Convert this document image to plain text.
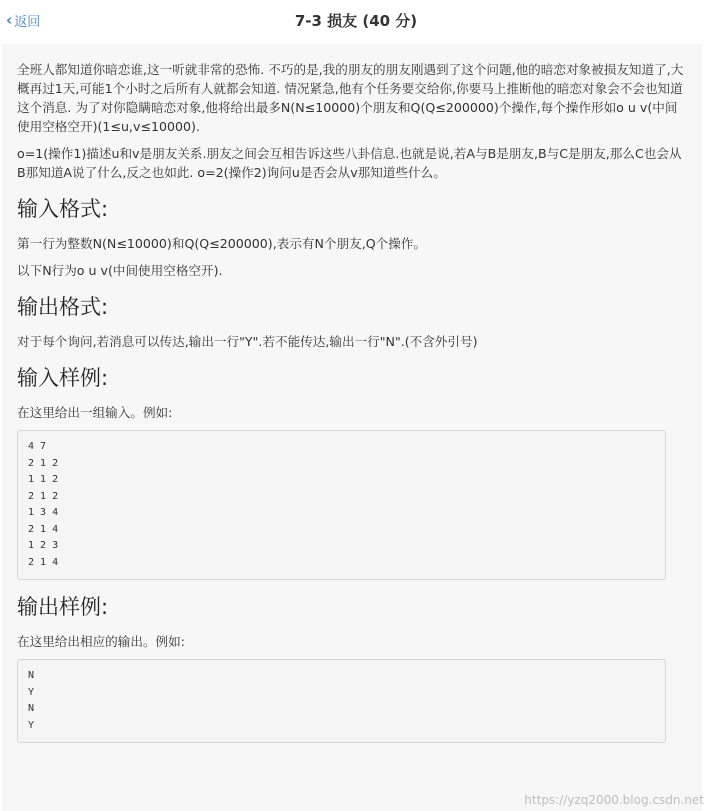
‹ 返回	7-3 损友 (40 分)

全班人都知道你暗恋谁,这一听就非常的恐怖. 不巧的是,我的朋友的朋友刚遇到了这个问题,他的暗恋对象被损友知道了,大概再过1天,可能1个小时之后所有人就都会知道. 情况紧急,他有个任务要交给你,你要马上推断他的暗恋对象会不会也知道这个消息. 为了对你隐瞒暗恋对象,他将给出最多N(N≤10000)个朋友和Q(Q≤200000)个操作,每个操作形如o u v(中间使用空格空开)(1≤u,v≤10000).

o=1(操作1)描述u和v是朋友关系.朋友之间会互相告诉这些八卦信息.也就是说,若A与B是朋友,B与C是朋友,那么C也会从B那知道A说了什么,反之也如此. o=2(操作2)询问u是否会从v那知道些什么。

输入格式:

第一行为整数N(N≤10000)和Q(Q≤200000),表示有N个朋友,Q个操作。

以下N行为o u v(中间使用空格空开).

输出格式:

对于每个询问,若消息可以传达,输出一行"Y".若不能传达,输出一行"N".(不含外引号)

输入样例:

在这里给出一组输入。例如:

4 7
2 1 2
1 1 2
2 1 2
1 3 4
2 1 4
1 2 3
2 1 4
输出样例:

在这里给出相应的输出。例如:

N
Y
N
Y
https://yzq2000.blog.csdn.net
